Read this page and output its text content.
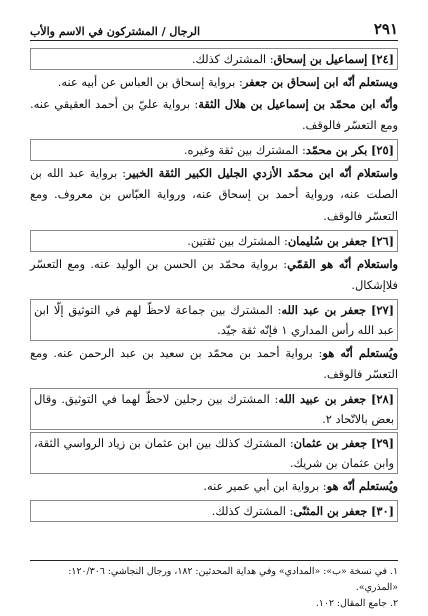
٢٩١
الرجال / المشتركون في الاسم والأب

[٢٤] إسماعيل بن إسحاق: المشترك كذلك.

ويستعلم أنّه ابن إسحاق بن جعفر: برواية إسحاق بن العباس عن أبيه عنه.

وأنّه ابن محمّد بن إسماعيل بن هلال الثقة: برواية عليّ بن أحمد العقيقي عنه. ومع التعسّر فالوقف.

[٢٥] بكر بن محمّد: المشترك بين ثقة وغيره.

واستعلام أنّه ابن محمّد الأزدي الجليل الكبير الثقة الخبير: برواية عبد الله بن الصلت عنه، ورواية أحمد بن إسحاق عنه، ورواية العبّاس بن معروف. ومع التعسّر فالوقف.

[٢٦] جعفر بن سُليمان: المشترك بين ثقتين.

واستعلام أنّه هو القمّي: برواية محمّد بن الحسن بن الوليد عنه. ومع التعسّر فلاإشكال.

[٢٧] جعفر بن عبد الله: المشترك بين جماعة لاحظّ لهم في التوثيق إلّا ابن عبد الله رأس المداري ١ فإنّه ثقة جيّد.

ويُستعلم أنّه هو: برواية أحمد بن محمّد بن سعيد بن عبد الرحمن عنه. ومع التعسّر فالوقف.

[٢٨] جعفر بن عبيد الله: المشترك بين رجلين لاحظّ لهما في التوثيق. وقال بعض بالاتّحاد ٢.

[٢٩] جعفر بن عثمان: المشترك كذلك بين ابن عثمان بن زياد الرواسي الثقة، وابن عثمان بن شريك.

ويُستعلم أنّه هو: برواية ابن أبي عمير عنه.

[٣٠] جعفر بن المثنّى: المشترك كذلك.

١. في نسخة «ب»: «المدادي» وفي هداية المحدثين: ١٨٢، ورجال النجاشي: ١٢٠/٣٠٦: «المذري».

٢. جامع المقال: ١٠٢.
